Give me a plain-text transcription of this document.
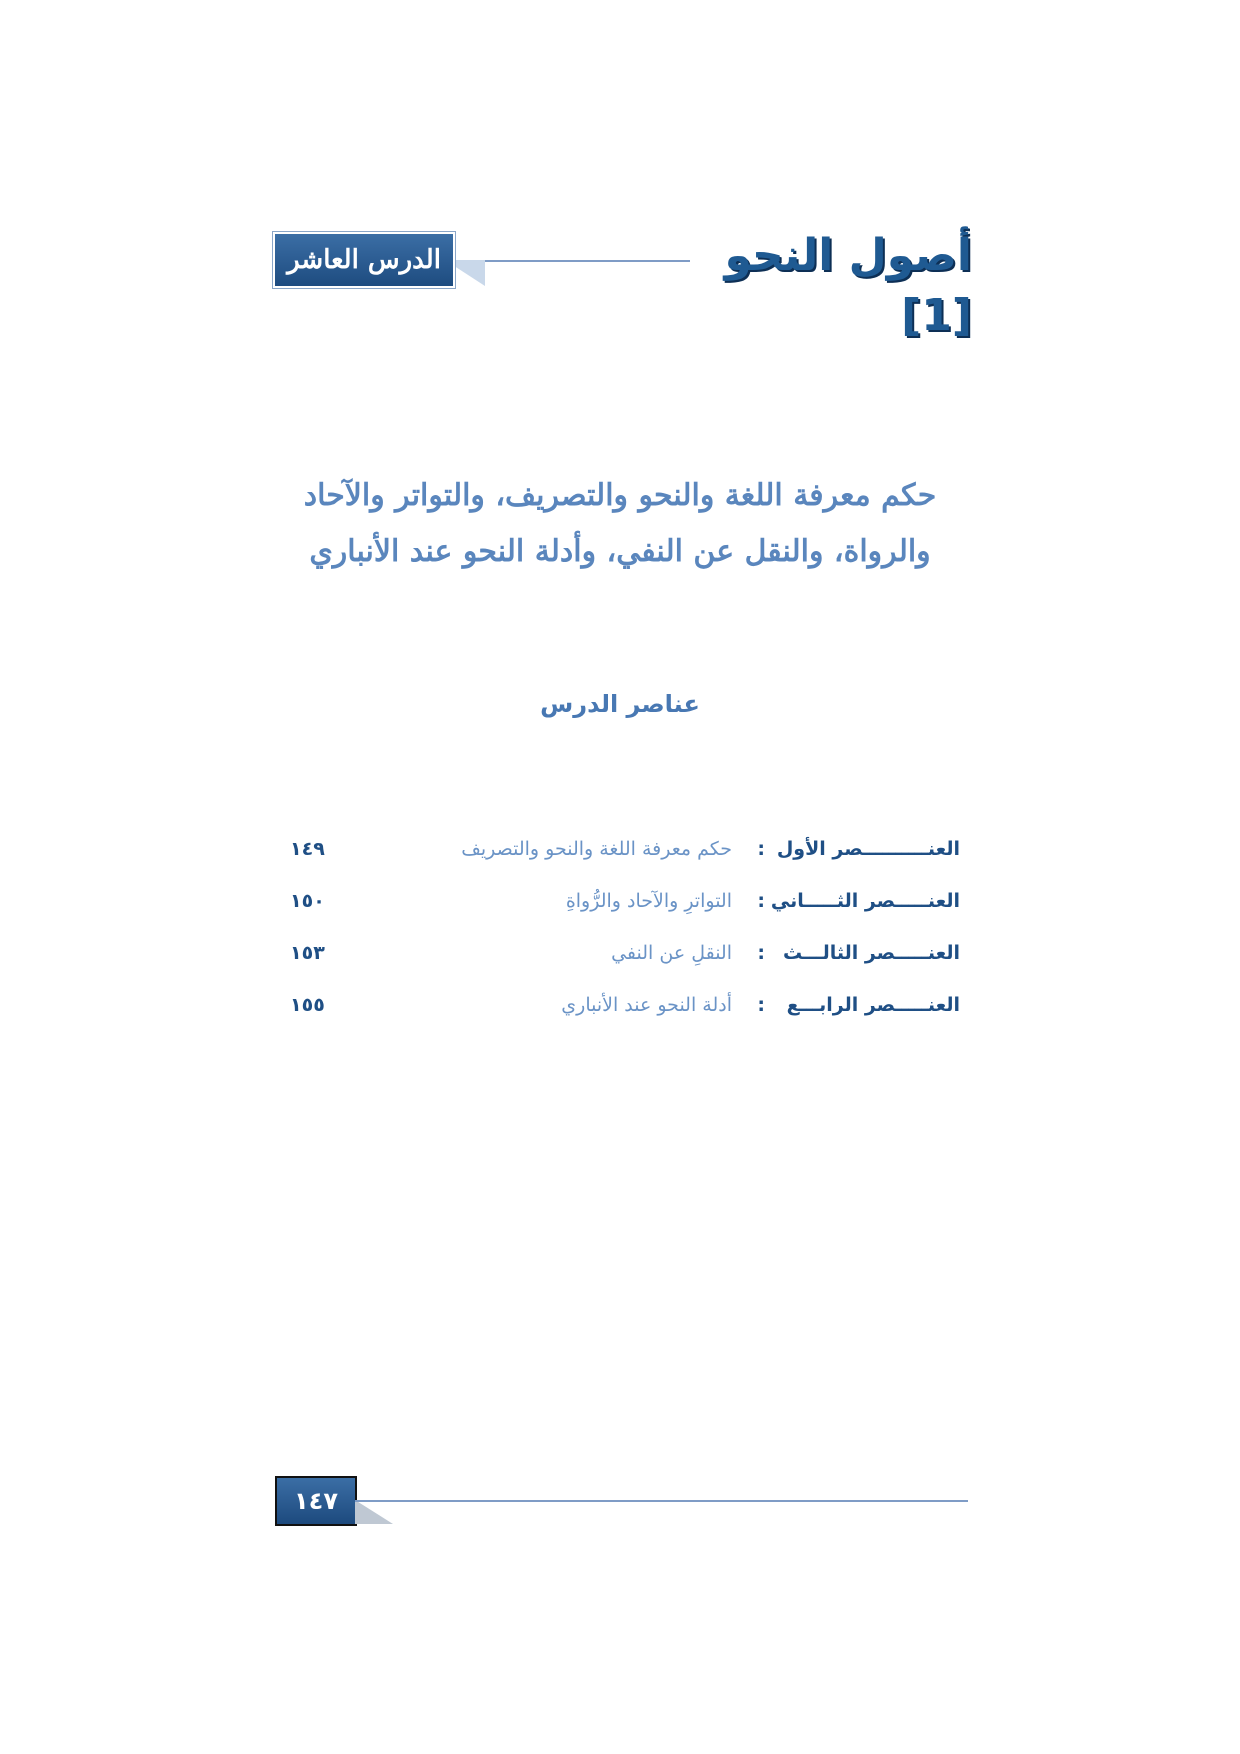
أصول النحو [1]
الدرس العاشر
حكم معرفة اللغة والنحو والتصريف، والتواتر والآحاد
والرواة، والنقل عن النفي، وأدلة النحو عند الأنباري
عناصر الدرس
العنــــــــــصر الأول
:
حكم معرفة اللغة والنحو والتصريف
١٤٩
العنـــــصر الثـــــاني
:
التواترِ والآحاد والرُّواةِ
١٥٠
العنـــــصر الثالـــث
:
النقلِ عن النفي
١٥٣
العنـــــصر الرابـــع
:
أدلة النحو عند الأنباري
١٥٥
١٤٧
